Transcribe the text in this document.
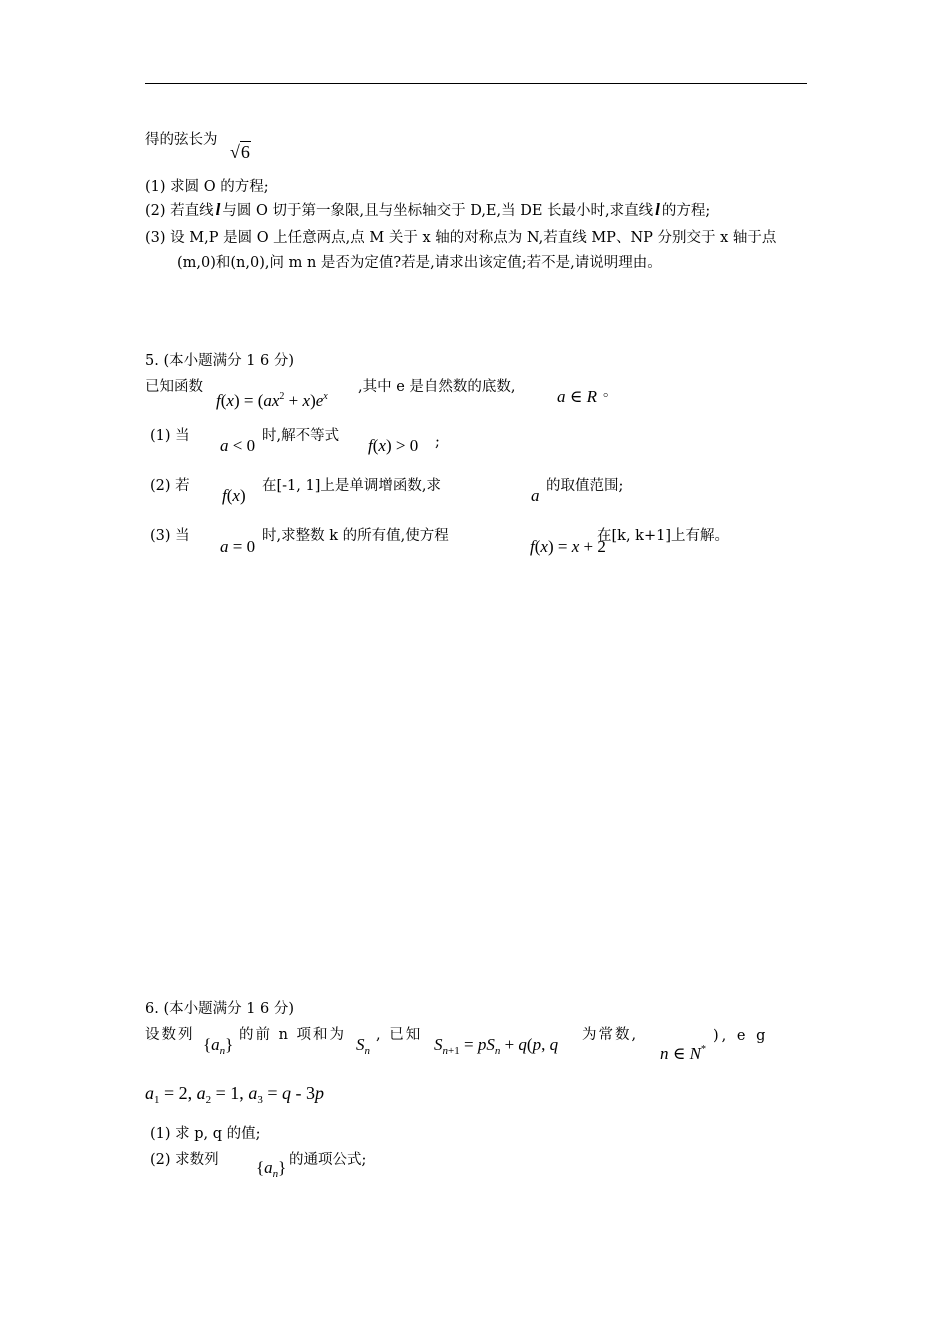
得的弦长为
√6
(1) 求圆 O 的方程;
(2) 若直线 l 与圆 O 切于第一象限,且与坐标轴交于 D,E,当 DE 长最小时,求直线 l 的方程;
(3) 设 M,P 是圆 O 上任意两点,点 M 关于 x 轴的对称点为 N,若直线 MP、NP 分别交于 x 轴于点
(m,0)和(n,0),问 m n 是否为定值?若是,请求出该定值;若不是,请说明理由。
5. (本小题满分 1 6 分)
已知函数
$f(x) = (ax^2 + x)e^x$
,其中 e 是自然数的底数, a ∈ R 。
(1) 当 a < 0 时,解不等式 f(x) > 0 ;
(2) 若 f(x) 在[-1, 1]上是单调增函数,求	a 的取值范围;
(3) 当
a = 0
时,求整数 k 的所有值,使方程
f(x) = x + 2
在[k, k+1]上有解。
6. (本小题满分 1 6 分)
设数列 $\{a_n\}$ 的前 n 项和为 $S_n$
, 已知 $S_{n+1} = pS_n + q(p$, q 为常数,
n ∈ N*
), e g
$a_1 = 2$, $a_2 = 1$, $a_3 = q - 3p$
(1) 求 p, q 的值;
(2) 求数列 $\{a_n\}$ 的通项公式;
